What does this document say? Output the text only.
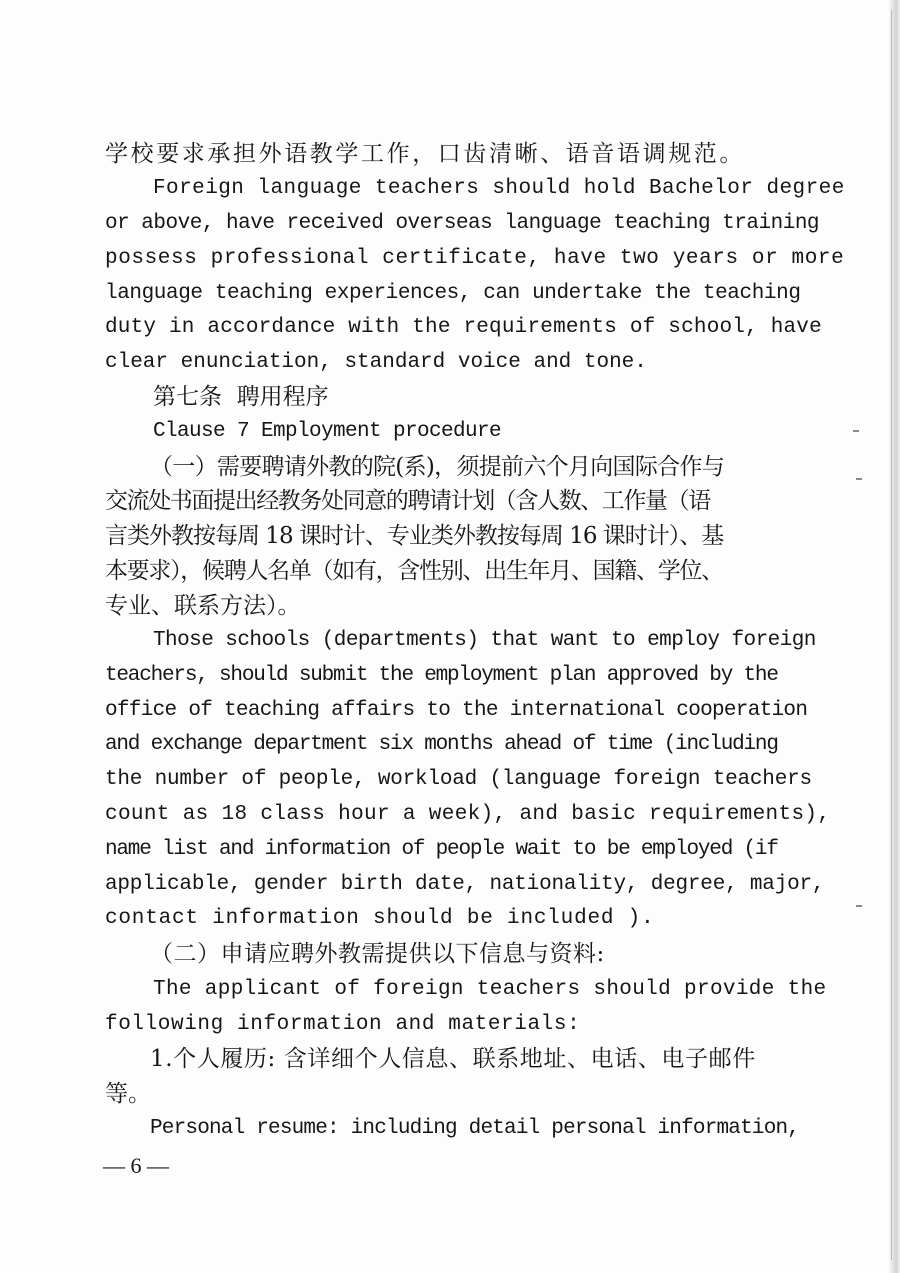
学校要求承担外语教学工作，口齿清晰、语音语调规范。

Foreign language teachers should hold Bachelor degree

or above, have received overseas language teaching training

possess professional certificate, have two years or more

language teaching experiences, can undertake the teaching

duty in accordance with the requirements of school, have

clear enunciation, standard voice and tone.

第七条  聘用程序

Clause 7 Employment procedure

（一）需要聘请外教的院(系)，须提前六个月向国际合作与

交流处书面提出经教务处同意的聘请计划（含人数、工作量（语

言类外教按每周 18 课时计、专业类外教按每周 16 课时计）、基

本要求），候聘人名单（如有，含性别、出生年月、国籍、学位、

专业、联系方法）。

Those schools (departments) that want to employ foreign

teachers, should submit the employment plan approved by the

office of teaching affairs to the international cooperation

and exchange department six months ahead of time (including

the number of people, workload (language foreign teachers

count as 18 class hour a week), and basic requirements),

name list and information of people wait to be employed (if

applicable, gender birth date, nationality, degree, major,

contact information should be included ).

（二）申请应聘外教需提供以下信息与资料:

The applicant of foreign teachers should provide the

following information and materials:

1.个人履历: 含详细个人信息、联系地址、电话、电子邮件

等。

Personal resume: including detail personal information,

— 6 —
